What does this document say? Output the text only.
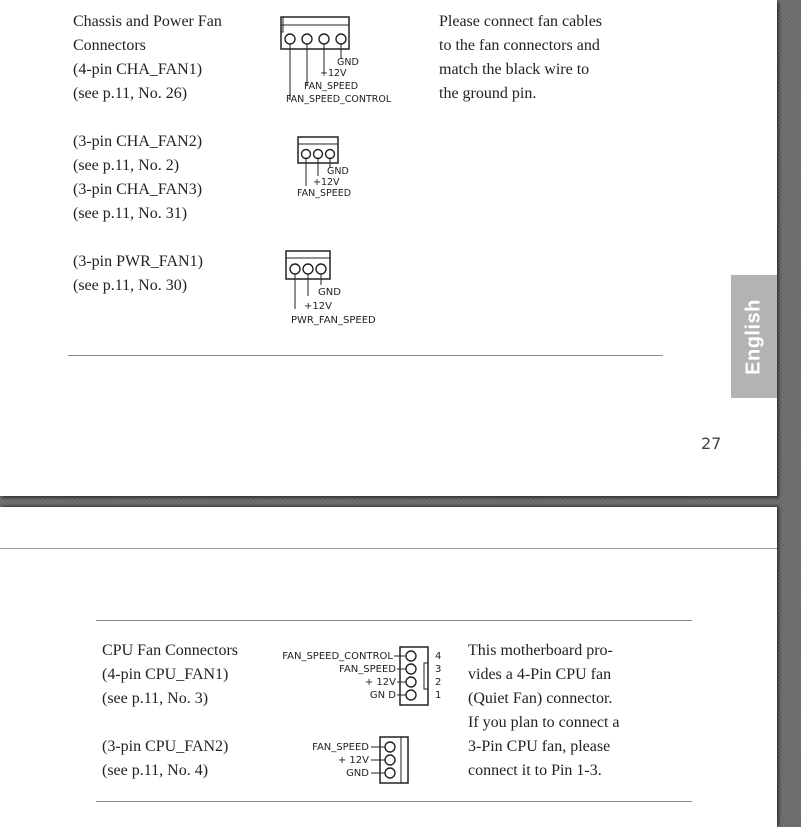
Chassis and Power Fan
Connectors
(4-pin CHA_FAN1)
(see p.11, No. 26)
GND
+12V
FAN_SPEED
FAN_SPEED_CONTROL
Please connect fan cables
to the fan connectors and
match the black wire to
the ground pin.
(3-pin CHA_FAN2)
(see p.11, No. 2)
(3-pin CHA_FAN3)
(see p.11, No. 31)
GND
+12V
FAN_SPEED
(3-pin PWR_FAN1)
(see p.11, No. 30)	GND
+12V
PWR_FAN_SPEED	English
27
CPU Fan Connectors
(4-pin CPU_FAN1)
(see p.11, No. 3)
FAN_SPEED_CONTROL
FAN_SPEED
+ 12V
GN D
4
3
2
1
(3-pin CPU_FAN2)
(see p.11, No. 4)
FAN_SPEED
+ 12V
GND
This motherboard pro-
vides a 4-Pin CPU fan
(Quiet Fan) connector.
If you plan to connect a
3-Pin CPU fan, please
connect it to Pin 1-3.
